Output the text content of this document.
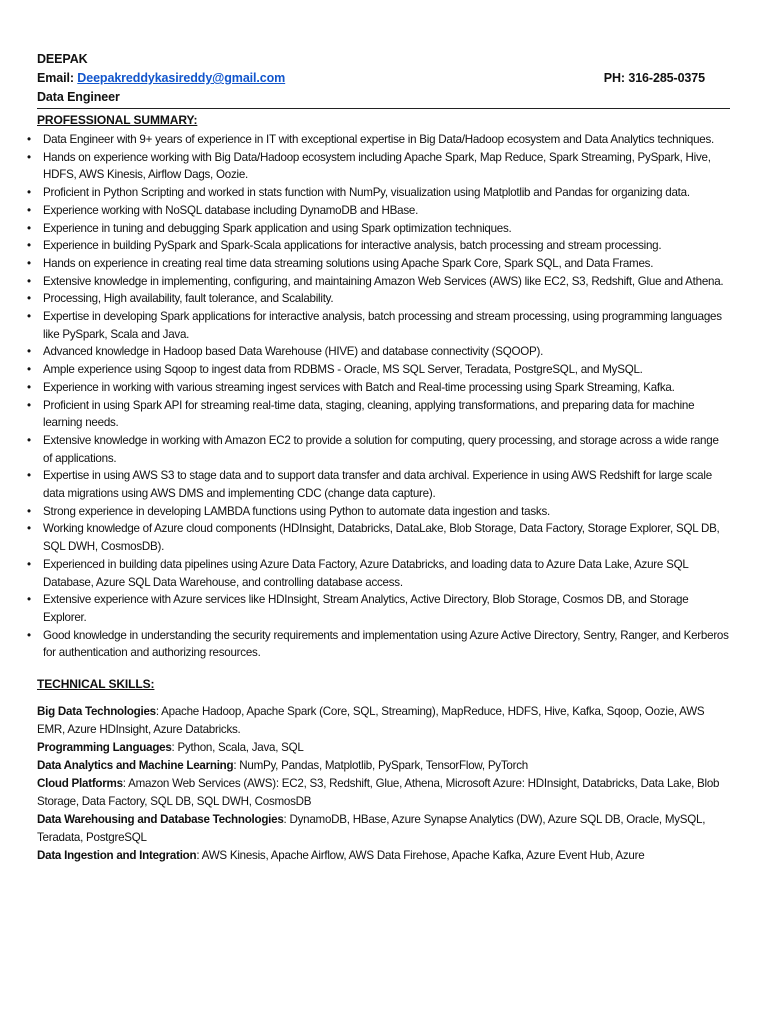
DEEPAK
Email: Deepakreddykasireddy@gmail.com	PH: 316-285-0375
Data Engineer
PROFESSIONAL SUMMARY:
• Data Engineer with 9+ years of experience in IT with exceptional expertise in Big Data/Hadoop ecosystem and Data Analytics techniques.
• Hands on experience working with Big Data/Hadoop ecosystem including Apache Spark, Map Reduce, Spark Streaming, PySpark, Hive, HDFS, AWS Kinesis, Airflow Dags, Oozie.
• Proficient in Python Scripting and worked in stats function with NumPy, visualization using Matplotlib and Pandas for organizing data.
• Experience working with NoSQL database including DynamoDB and HBase.
• Experience in tuning and debugging Spark application and using Spark optimization techniques.
• Experience in building PySpark and Spark-Scala applications for interactive analysis, batch processing and stream processing.
• Hands on experience in creating real time data streaming solutions using Apache Spark Core, Spark SQL, and Data Frames.
• Extensive knowledge in implementing, configuring, and maintaining Amazon Web Services (AWS) like EC2, S3, Redshift, Glue and Athena.
• Processing, High availability, fault tolerance, and Scalability.
• Expertise in developing Spark applications for interactive analysis, batch processing and stream processing, using programming languages like PySpark, Scala and Java.
• Advanced knowledge in Hadoop based Data Warehouse (HIVE) and database connectivity (SQOOP).
• Ample experience using Sqoop to ingest data from RDBMS - Oracle, MS SQL Server, Teradata, PostgreSQL, and MySQL.
• Experience in working with various streaming ingest services with Batch and Real-time processing using Spark Streaming, Kafka.
• Proficient in using Spark API for streaming real-time data, staging, cleaning, applying transformations, and preparing data for machine learning needs.
• Extensive knowledge in working with Amazon EC2 to provide a solution for computing, query processing, and storage across a wide range of applications.
• Expertise in using AWS S3 to stage data and to support data transfer and data archival. Experience in using AWS Redshift for large scale data migrations using AWS DMS and implementing CDC (change data capture).
• Strong experience in developing LAMBDA functions using Python to automate data ingestion and tasks.
• Working knowledge of Azure cloud components (HDInsight, Databricks, DataLake, Blob Storage, Data Factory, Storage Explorer, SQL DB, SQL DWH, CosmosDB).
• Experienced in building data pipelines using Azure Data Factory, Azure Databricks, and loading data to Azure Data Lake, Azure SQL Database, Azure SQL Data Warehouse, and controlling database access.
• Extensive experience with Azure services like HDInsight, Stream Analytics, Active Directory, Blob Storage, Cosmos DB, and Storage Explorer.
• Good knowledge in understanding the security requirements and implementation using Azure Active Directory, Sentry, Ranger, and Kerberos for authentication and authorizing resources.
TECHNICAL SKILLS:
Big Data Technologies: Apache Hadoop, Apache Spark (Core, SQL, Streaming), MapReduce, HDFS, Hive, Kafka, Sqoop, Oozie, AWS EMR, Azure HDInsight, Azure Databricks.
Programming Languages: Python, Scala, Java, SQL
Data Analytics and Machine Learning: NumPy, Pandas, Matplotlib, PySpark, TensorFlow, PyTorch
Cloud Platforms: Amazon Web Services (AWS): EC2, S3, Redshift, Glue, Athena, Microsoft Azure: HDInsight, Databricks, Data Lake, Blob Storage, Data Factory, SQL DB, SQL DWH, CosmosDB
Data Warehousing and Database Technologies: DynamoDB, HBase, Azure Synapse Analytics (DW), Azure SQL DB, Oracle, MySQL, Teradata, PostgreSQL
Data Ingestion and Integration: AWS Kinesis, Apache Airflow, AWS Data Firehose, Apache Kafka, Azure Event Hub, Azure
